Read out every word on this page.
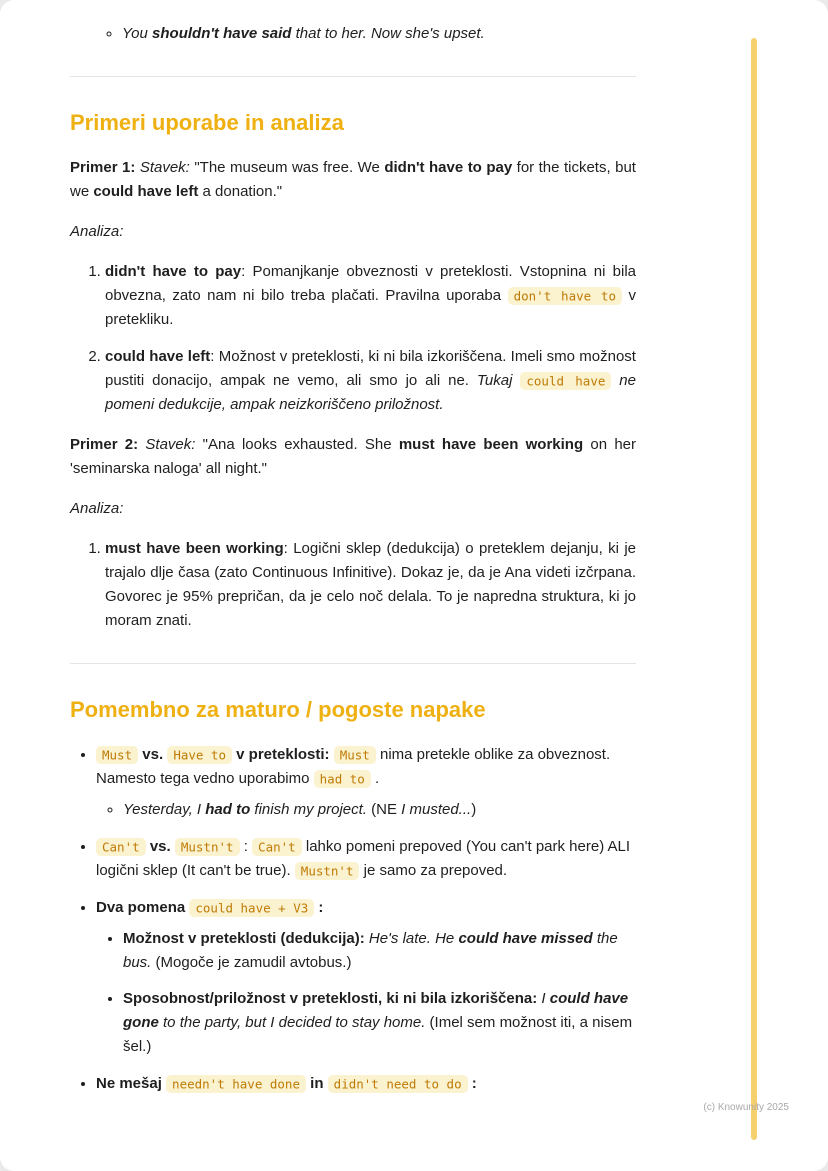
◦ You shouldn't have said that to her. Now she's upset.
Primeri uporabe in analiza

Primer 1: Stavek: "The museum was free. We didn't have to pay for the tickets, but we could have left a donation."

Analiza:

1. didn't have to pay: Pomanjkanje obveznosti v preteklosti. Vstopnina ni bila obvezna, zato nam ni bilo treba plačati. Pravilna uporaba don't have to v pretekliku.
2. could have left: Možnost v preteklosti, ki ni bila izkoriščena. Imeli smo možnost pustiti donacijo, ampak ne vemo, ali smo jo ali ne. Tukaj could have ne pomeni dedukcije, ampak neizkoriščeno priložnost.

Primer 2: Stavek: "Ana looks exhausted. She must have been working on her 'seminarska naloga' all night."

Analiza:

1. must have been working: Logični sklep (dedukcija) o preteklem dejanju, ki je trajalo dlje časa (zato Continuous Infinitive). Dokaz je, da je Ana videti izčrpana. Govorec je 95% prepričan, da je celo noč delala. To je napredna struktura, ki jo moram znati.
Pomembno za maturo / pogoste napake
• Must vs. Have to v preteklosti: Must nima pretekle oblike za obveznost. Namesto tega vedno uporabimo had to .
◦ Yesterday, I had to finish my project. (NE I musted...)
• Can't vs. Mustn't : Can't lahko pomeni prepoved (You can't park here) ALI logični sklep (It can't be true). Mustn't je samo za prepoved.
• Dva pomena could have + V3 :
• Možnost v preteklosti (dedukcija): He's late. He could have missed the bus. (Mogoče je zamudil avtobus.)
• Sposobnost/priložnost v preteklosti, ki ni bila izkoriščena: I could have gone to the party, but I decided to stay home. (Imel sem možnost iti, a nisem šel.)
• Ne mešaj needn't have done in didn't need to do :
(c) Knowunity 2025
